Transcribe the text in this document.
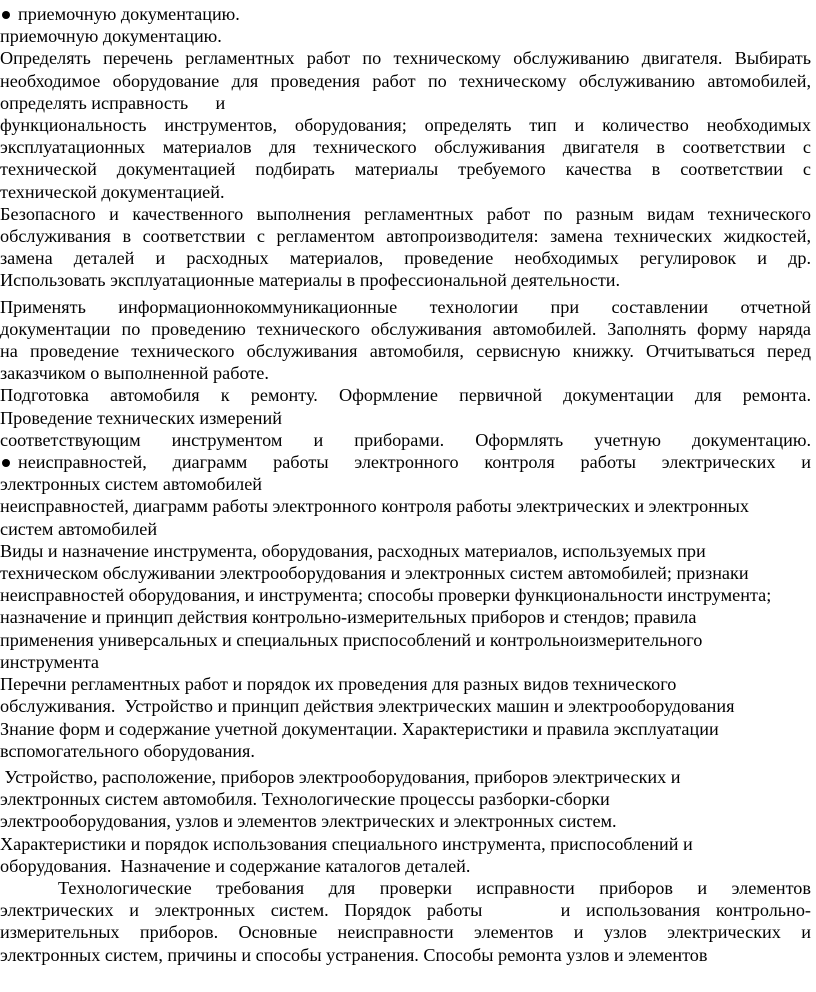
приемочную документацию.

приемочную документацию.

Определять перечень регламентных работ по техническому обслуживанию двигателя. Выбирать

необходимое оборудование для проведения работ по техническому обслуживанию автомобилей,

определять исправность      и

функциональность инструментов, оборудования; определять тип и количество необходимых

эксплуатационных материалов для технического обслуживания двигателя в соответствии с

технической документацией подбирать материалы требуемого качества в соответствии с

технической документацией.

Безопасного и качественного выполнения регламентных работ по разным видам технического

обслуживания в соответствии с регламентом автопроизводителя: замена технических жидкостей,

замена деталей и расходных материалов, проведение необходимых регулировок и др.

Использовать эксплуатационные материалы в профессиональной деятельности.

Применять информационнокоммуникационные технологии при составлении отчетной

документации по проведению технического обслуживания автомобилей. Заполнять форму наряда

на проведение технического обслуживания автомобиля, сервисную книжку. Отчитываться перед

заказчиком о выполненной работе.

Подготовка автомобиля к ремонту. Оформление первичной документации для ремонта.

Проведение технических измерений

соответствующим инструментом и приборами. Оформлять учетную документацию.

неисправностей, диаграмм работы электронного контроля работы электрических и

электронных систем автомобилей

неисправностей, диаграмм работы электронного контроля работы электрических и электронных

систем автомобилей

Виды и назначение инструмента, оборудования, расходных материалов, используемых при

техническом обслуживании электрооборудования и электронных систем автомобилей; признаки

неисправностей оборудования, и инструмента; способы проверки функциональности инструмента;

назначение и принцип действия контрольно-измерительных приборов и стендов; правила

применения универсальных и специальных приспособлений и контрольноизмерительного

инструмента

Перечни регламентных работ и порядок их проведения для разных видов технического

обслуживания.  Устройство и принцип действия электрических машин и электрооборудования

Знание форм и содержание учетной документации. Характеристики и правила эксплуатации

вспомогательного оборудования.

Устройство, расположение, приборов электрооборудования, приборов электрических и

электронных систем автомобиля. Технологические процессы разборки-сборки

электрооборудования, узлов и элементов электрических и электронных систем.

Характеристики и порядок использования специального инструмента, приспособлений и

оборудования.  Назначение и содержание каталогов деталей.

Технологические требования для проверки исправности приборов и элементов

электрических и электронных систем. Порядок работы     и использования контрольно-

измерительных приборов. Основные неисправности элементов и узлов электрических и

электронных систем, причины и способы устранения. Способы ремонта узлов и элементов
